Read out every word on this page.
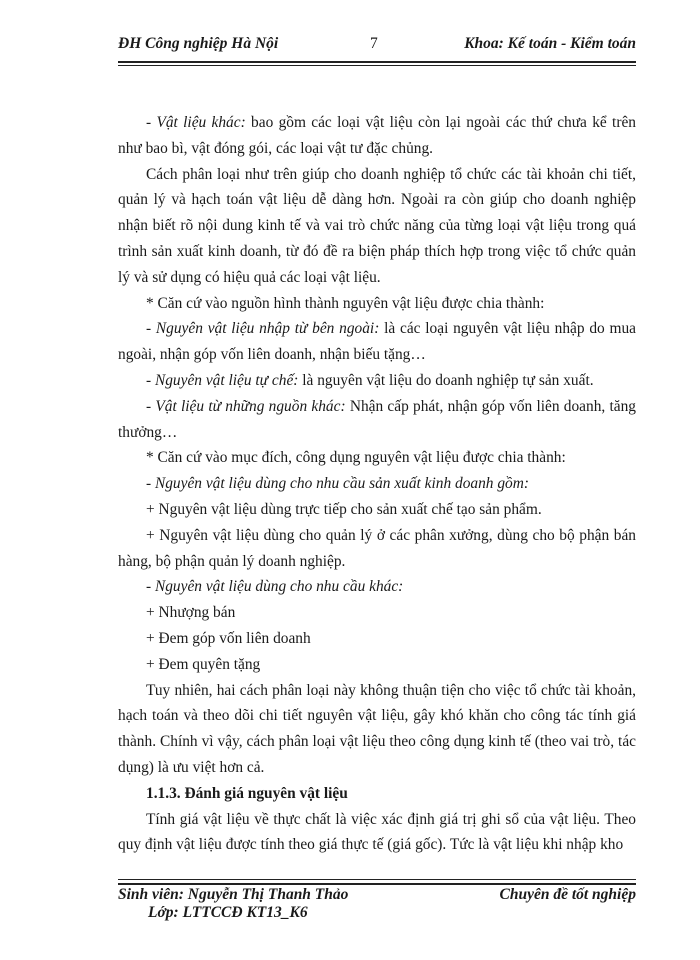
ĐH Công nghiệp Hà Nội	7	Khoa: Kế toán - Kiểm toán

- Vật liệu khác: bao gồm các loại vật liệu còn lại ngoài các thứ chưa kể trên như bao bì, vật đóng gói, các loại vật tư đặc chủng.

Cách phân loại như trên giúp cho doanh nghiệp tổ chức các tài khoản chi tiết, quản lý và hạch toán vật liệu dễ dàng hơn. Ngoài ra còn giúp cho doanh nghiệp nhận biết rõ nội dung kinh tế và vai trò chức năng của từng loại vật liệu trong quá trình sản xuất kinh doanh, từ đó đề ra biện pháp thích hợp trong việc tổ chức quản lý và sử dụng có hiệu quả các loại vật liệu.

* Căn cứ vào nguồn hình thành nguyên vật liệu được chia thành:

- Nguyên vật liệu nhập từ bên ngoài: là các loại nguyên vật liệu nhập do mua ngoài, nhận góp vốn liên doanh, nhận biếu tặng…

- Nguyên vật liệu tự chế: là nguyên vật liệu do doanh nghiệp tự sản xuất.

- Vật liệu từ những nguồn khác: Nhận cấp phát, nhận góp vốn liên doanh, tăng thưởng…

* Căn cứ vào mục đích, công dụng nguyên vật liệu được chia thành:

- Nguyên vật liệu dùng cho nhu cầu sản xuất kinh doanh gồm:

+ Nguyên vật liệu dùng trực tiếp cho sản xuất chế tạo sản phẩm.

+ Nguyên vật liệu dùng cho quản lý ở các phân xưởng, dùng cho bộ phận bán hàng, bộ phận quản lý doanh nghiệp.

- Nguyên vật liệu dùng cho nhu cầu khác:

+ Nhượng bán

+ Đem góp vốn liên doanh

+ Đem quyên tặng

Tuy nhiên, hai cách phân loại này không thuận tiện cho việc tổ chức tài khoản, hạch toán và theo dõi chi tiết nguyên vật liệu, gây khó khăn cho công tác tính giá thành. Chính vì vậy, cách phân loại vật liệu theo công dụng kinh tế (theo vai trò, tác dụng) là ưu việt hơn cả.

1.1.3. Đánh giá nguyên vật liệu

Tính giá vật liệu về thực chất là việc xác định giá trị ghi sổ của vật liệu. Theo quy định vật liệu được tính theo giá thực tế (giá gốc). Tức là vật liệu khi nhập kho

Sinh viên: Nguyễn Thị Thanh Thảo
Lớp: LTTCCĐ KT13_K6
Chuyên đề tốt nghiệp
